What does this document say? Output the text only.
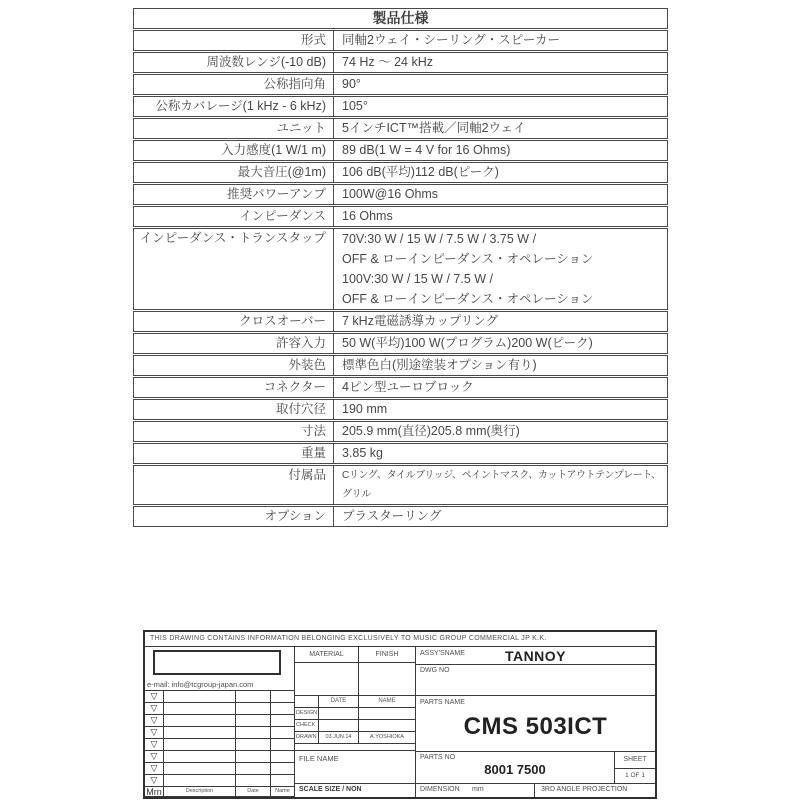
製品仕様
形式	同軸2ウェイ・シーリング・スピーカー
周波数レンジ(-10 dB)	74 Hz ～ 24 kHz
公称指向角	90°
公称カバレージ(1 kHz - 6 kHz)	105°
ユニット	5インチICT™搭載／同軸2ウェイ
入力感度(1 W/1 m)	89 dB(1 W = 4 V for 16 Ohms)
最大音圧(@1m)	106 dB(平均)112 dB(ピーク)
推奨パワーアンプ	100W@16 Ohms
インピーダンス	16 Ohms
インピーダンス・トランスタップ	70V:30 W / 15 W / 7.5 W / 3.75 W /
OFF & ローインピーダンス・オペレーション
100V:30 W / 15 W / 7.5 W /
OFF & ローインピーダンス・オペレーション
クロスオーバー	7 kHz電磁誘導カップリング
許容入力	50 W(平均)100 W(プログラム)200 W(ピーク)
外装色	標準色白(別途塗装オプション有り)
コネクター	4ピン型ユーロブロック
取付穴径	190 mm
寸法	205.9 mm(直径)205.8 mm(奥行)
重量	3.85 kg
付属品	Cリング、タイルブリッジ、ペイントマスク、カットアウトテンプレート、グリル
オプション	プラスターリング
THIS DRAWING CONTAINS INFORMATION BELONGING EXCLUSIVELY TO MUSIC GROUP COMMERCIAL JP K.K.
e-mail: info@tcgroup-japan.com
▽
▽
▽
▽
▽
▽
▽
▽
Mrn	Description	Date	Name
MATERIAL	FINISH
DATE	NAME
DESIGN
CHECK
DRAWN	03.JUN.14	A.YOSHIOKA
FILE NAME
SCALE SIZE / NON
ASSY'SNAME	TANNOY
DWG NO
PARTS NAME
CMS 503ICT
PARTS NO
8001 7500
SHEET
1 OF 1
DIMENSION mm	3RD ANGLE PROJECTION
